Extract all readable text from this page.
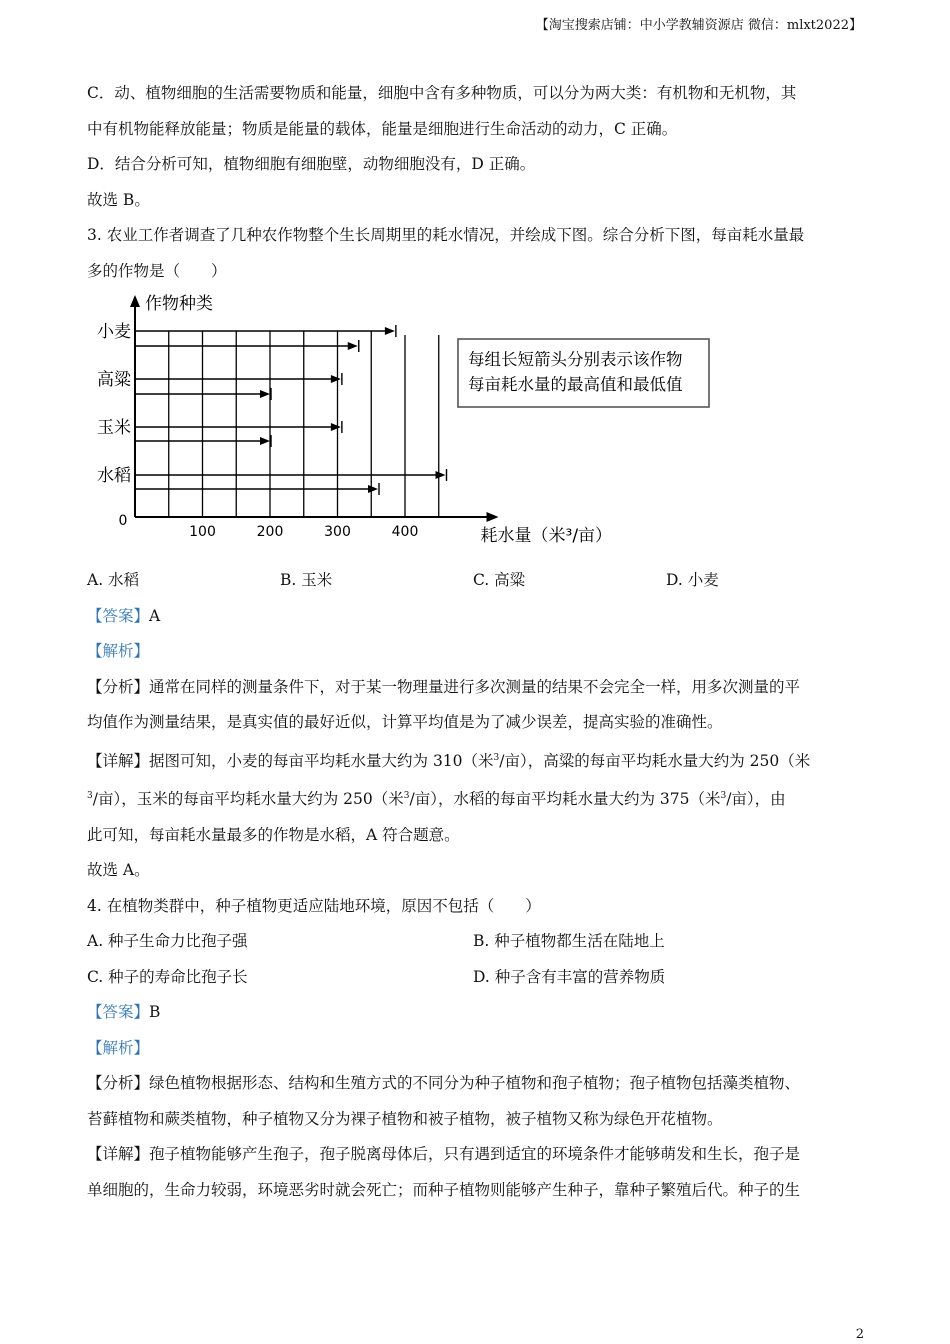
【淘宝搜索店铺：中小学教辅资源店 微信：mlxt2022】

C．动、植物细胞的生活需要物质和能量，细胞中含有多种物质，可以分为两大类：有机物和无机物，其

中有机物能释放能量；物质是能量的载体，能量是细胞进行生命活动的动力，C 正确。

D．结合分析可知，植物细胞有细胞壁，动物细胞没有，D 正确。

故选 B。

3. 农业工作者调查了几种农作物整个生长周期里的耗水情况，并绘成下图。综合分析下图，每亩耗水量最

多的作物是（　　）

100	200	300	400
0
作物种类
耗水量（米³/亩）
小麦
高粱
玉米
水稻
每组长短箭头分别表示该作物
每亩耗水量的最高值和最低值
A. 水稻	B. 玉米	C. 高粱	D. 小麦

【答案】A

【解析】

【分析】通常在同样的测量条件下，对于某一物理量进行多次测量的结果不会完全一样，用多次测量的平

均值作为测量结果，是真实值的最好近似，计算平均值是为了减少误差，提高实验的准确性。

【详解】据图可知，小麦的每亩平均耗水量大约为 310（米$^3$/亩），高粱的每亩平均耗水量大约为 250（米

$^3$/亩），玉米的每亩平均耗水量大约为 250（米$^3$/亩），水稻的每亩平均耗水量大约为 375（米$^3$/亩），由

此可知，每亩耗水量最多的作物是水稻，A 符合题意。

故选 A。

4. 在植物类群中，种子植物更适应陆地环境，原因不包括（　　）

A. 种子生命力比孢子强	B. 种子植物都生活在陆地上
C. 种子的寿命比孢子长	D. 种子含有丰富的营养物质

【答案】B

【解析】

【分析】绿色植物根据形态、结构和生殖方式的不同分为种子植物和孢子植物；孢子植物包括藻类植物、

苔藓植物和蕨类植物，种子植物又分为裸子植物和被子植物，被子植物又称为绿色开花植物。

【详解】孢子植物能够产生孢子，孢子脱离母体后，只有遇到适宜的环境条件才能够萌发和生长，孢子是

单细胞的，生命力较弱，环境恶劣时就会死亡；而种子植物则能够产生种子，靠种子繁殖后代。种子的生

2
